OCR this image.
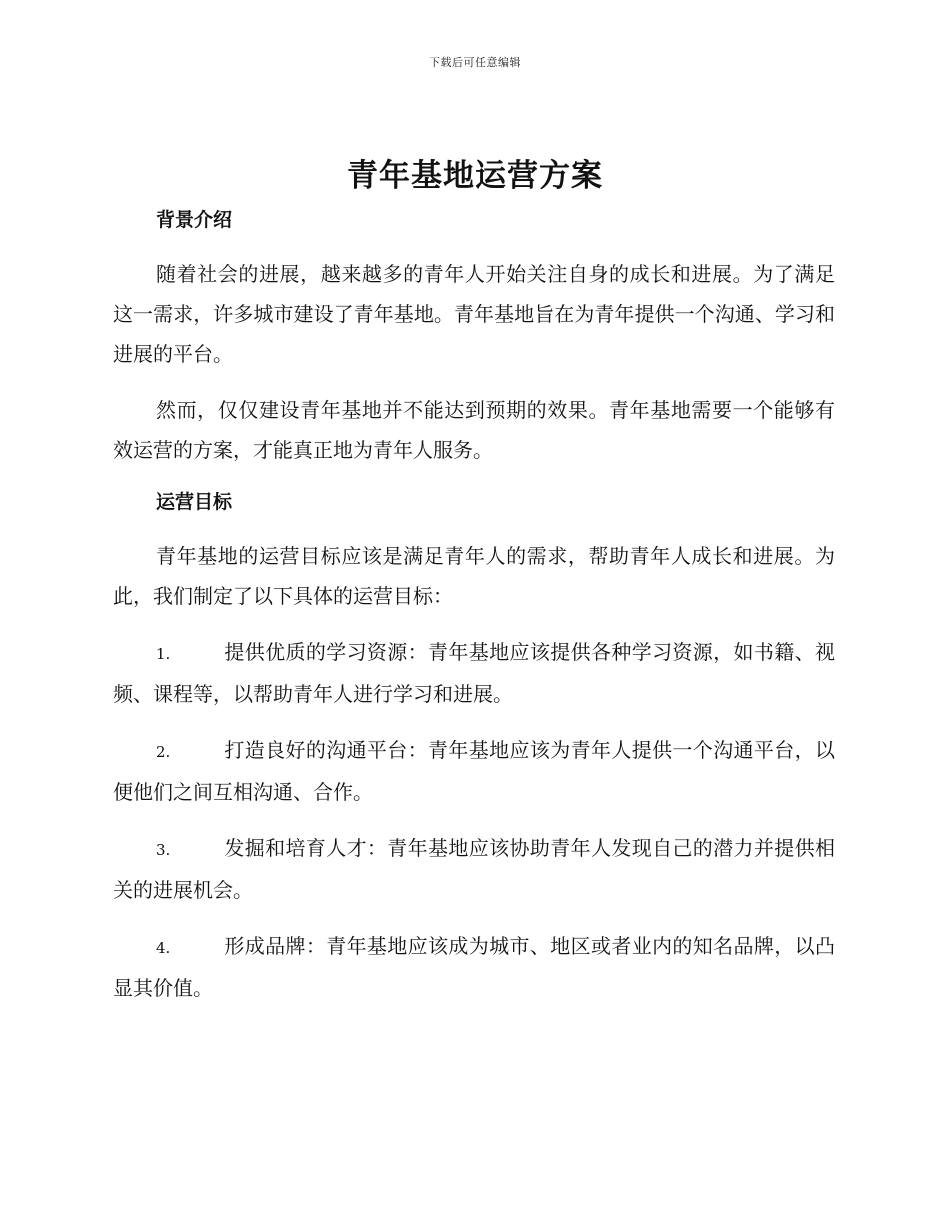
下载后可任意编辑
青年基地运营方案
背景介绍

随着社会的进展，越来越多的青年人开始关注自身的成长和进展。为了满足这一需求，许多城市建设了青年基地。青年基地旨在为青年提供一个沟通、学习和进展的平台。

然而，仅仅建设青年基地并不能达到预期的效果。青年基地需要一个能够有效运营的方案，才能真正地为青年人服务。

运营目标

青年基地的运营目标应该是满足青年人的需求，帮助青年人成长和进展。为此，我们制定了以下具体的运营目标：

1.	提供优质的学习资源：青年基地应该提供各种学习资源，如书籍、视频、课程等，以帮助青年人进行学习和进展。

2.	打造良好的沟通平台：青年基地应该为青年人提供一个沟通平台，以便他们之间互相沟通、合作。

3.	发掘和培育人才：青年基地应该协助青年人发现自己的潜力并提供相关的进展机会。

4.	形成品牌：青年基地应该成为城市、地区或者业内的知名品牌，以凸显其价值。
